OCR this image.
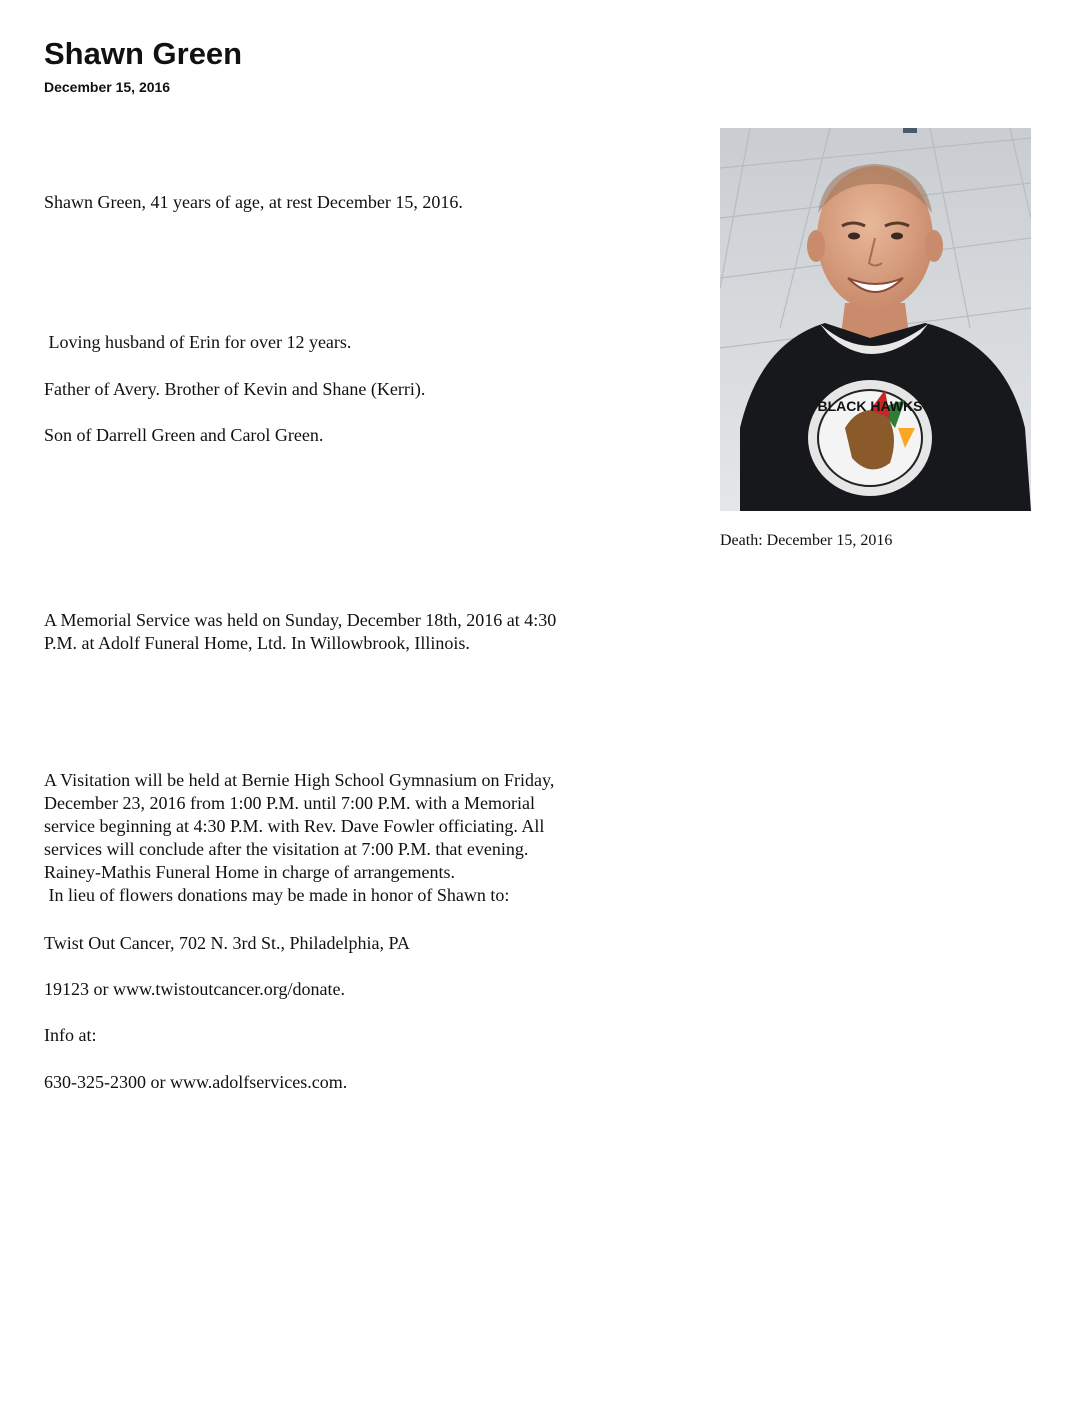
Shawn Green

December 15, 2016

Shawn Green, 41 years of age, at rest December 15, 2016.

Loving husband of Erin for over 12 years.

Father of Avery. Brother of Kevin and Shane (Kerri).

Son of Darrell Green and Carol Green.

A Memorial Service was held on Sunday, December 18th, 2016 at 4:30
P.M. at Adolf Funeral Home, Ltd. In Willowbrook, Illinois.

A Visitation will be held at Bernie High School Gymnasium on Friday,
December 23, 2016 from 1:00 P.M. until 7:00 P.M. with a Memorial
service beginning at 4:30 P.M. with Rev. Dave Fowler officiating. All
services will conclude after the visitation at 7:00 P.M. that evening.
Rainey-Mathis Funeral Home in charge of arrangements.
In lieu of flowers donations may be made in honor of Shawn to:

Twist Out Cancer, 702 N. 3rd St., Philadelphia, PA

19123 or www.twistoutcancer.org/donate.

Info at:

630-325-2300 or www.adolfservices.com.

BLACK HAWKS

Death: December 15, 2016
